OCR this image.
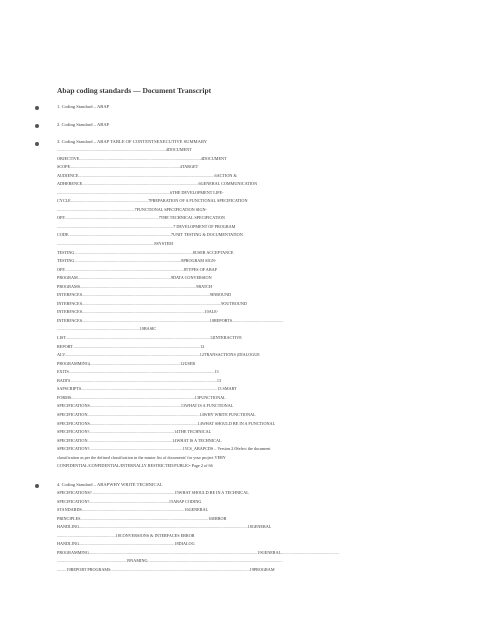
Abap coding standards — Document Transcript
1. Coding Standard – ABAP
2. Coding Standard – ABAP
3. Coding Standard – ABAP TABLE OF CONTENTSEXECUTIVE SUMMARY
........................................................................................................4DOCUMENT
OBJECTIVE....................................................................................................................4DOCUMENT
SCOPE.........................................................................................................4TARGET
AUDIENCE..................................................................................................................................6ACTION &
ADHERENCE...............................................................................................................6GENERAL COMMUNICATION
............................................................................................................6THE DEVELOPMENT LIFE-
CYCLE..........................................................................7PREPARATION OF A FUNCTIONAL SPECIFICATION
..........................................................................7FUNCTIONAL SPECIFICATION SIGN-
OFF..........................................................................................7THE TECHNICAL SPECIFICATION
...............................................................................................................7 DEVELOPMENT OF PROGRAM
CODE..................................................................................................7UNIT TESTING & DOCUMENTATION
.............................................................................................8SYSTEM
TESTING.................................................................................................................8USER ACCEPTANCE
TESTING......................................................................................................8PROGRAM SIGN-
OFF..................................................................................................................8TYPES OF ABAP
PROGRAM.........................................................................................9DATA CONVERSION
PROGRAMS...............................................................................................................9BATCH
INTERFACES..........................................................................................................................9INBOUND
INTERFACES.....................................................................................................................................9OUTBOUND
INTERFACES.....................................................................................................................10ALE-
INTERFACES..........................................................................................................................10REPORTS.................................................
...............................................................................10BASIC
LIST..........................................................................................................................................12INTERACTIVE
REPORT..........................................................................................................................12
ALV.................................................................................................................................12TRANSACTIONS (DIALOGUE
PROGRAMMING)......................................................................................12USER
EXITS...........................................................................................................................................13
BADI'S............................................................................................................................................13
SAPSCRIPTS..................................................................................................................................13 SMART
FORMS......................................................................................................................13FUNCTIONAL
SPECIFICATIONS.......................................................................................13WHAT IS A FUNCTIONAL
SPECIFICATION...........................................................................................................14WHY WRITE FUNCTIONAL
SPECIFICATIONS.......................................................................................................14WHAT SHOULD BE IN A FUNCTIONAL
SPECIFICATION?.................................................................................14THE TECHNICAL
SPECIFICATION.................................................................................14WHAT IS A TECHNICAL
SPECIFICATION?.........................................................................................15CS_ABAPCDS – Version 2.0Select the document
classification as per the defined classification in the master list of documents' for your project VERY
CONFIDENTIAL/CONFIDENTIAL/INTERNALLY RESTRICTED/PUBLIC• Page 2 of 66
4. Coding Standard – ABAPWHY WRITE TECHNICAL
SPECIFICATIONS?...............................................................................15WHAT SHOULD BE IN A TECHNICAL
SPECIFICATION?............................................................................15ABAP CODING
STANDARDS..................................................................................................16GENERAL
PRINCIPLES..........................................................................................................................16ERROR
HANDLING.................................................................................................................................................................18GENERAL
........................................................18CONVERSIONS & INTERFACES ERROR
HANDLING...........................................................................................18DIALOG
PROGRAMMING.................................................................................................................................................................19GENERAL.......................................................
..................................................................19NAMING.................................................................................................................................
.........19REPORT PROGRAMS.....................................................................................................................................19PROGRAM
